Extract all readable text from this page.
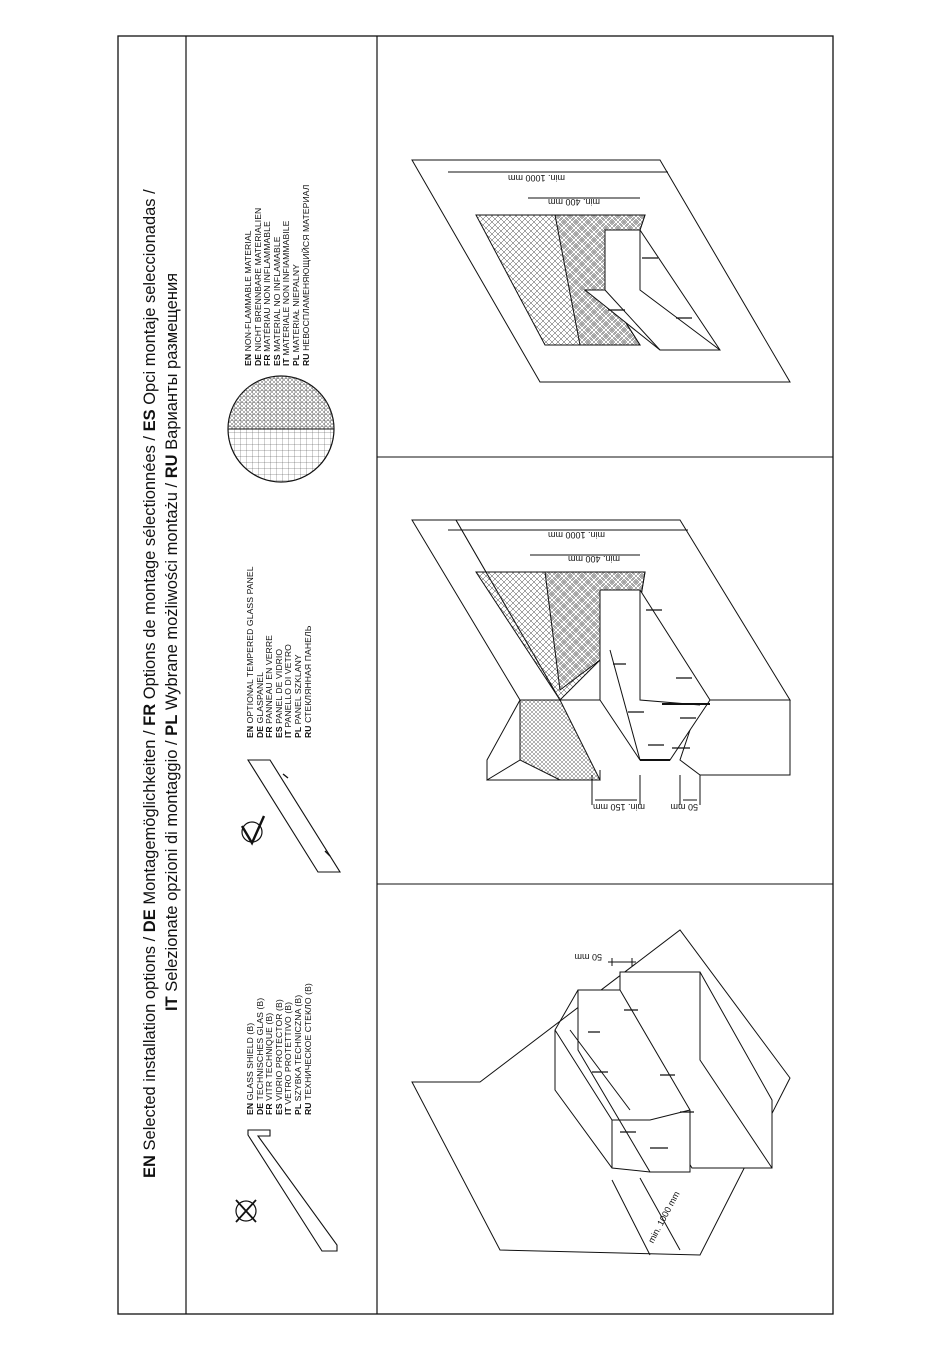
EN Selected installation options / DE Montagemöglichkeiten / FR Options de montage sélectionnées / ES Opci montaje seleccionadas /
IT Selezionate opzioni di montaggio / PL Wybrane możliwości montażu / RU Варианты размещения
EN GLASS SHIELD (B)
DE TECHNISCHES GLAS (B)
FR VITR TECHNIQUE (B)
ES VIDRIO PROTECTOR (B)
IT VETRO PROTETTIVO (B)
PL SZYBKA TECHNICZNA (B)
RU ТЕХНИЧЕСКОЕ СТЕКЛО (B)
EN OPTIONAL TEMPERED GLASS PANEL
DE GLASPANEL
FR PANNEAU EN VERRE
ES PANEL DE VIDRIO
IT PANELLO DI VETRO
PL PANEL SZKLANY
RU СТЕКЛЯННАЯ ПАНЕЛЬ
EN NON-FLAMMABLE MATERIAL
DE NICHT BRENNBARE MATERIALIEN
FR MATÉRIAU NON INFLAMMABLE
ES MATERIAL NO INFLAMABLE
IT MATERIALE NON INFIAMMABILE
PL MATERIAŁ NIEPALNY
RU НЕВОСПЛАМЕНЯЮЩИЙСЯ МАТЕРИАЛ
50 mm
min. 1000 mm
min. 1000 mm
min. 400 mm
min. 150 mm	50 mm
min. 1000 mm
min. 400 mm
